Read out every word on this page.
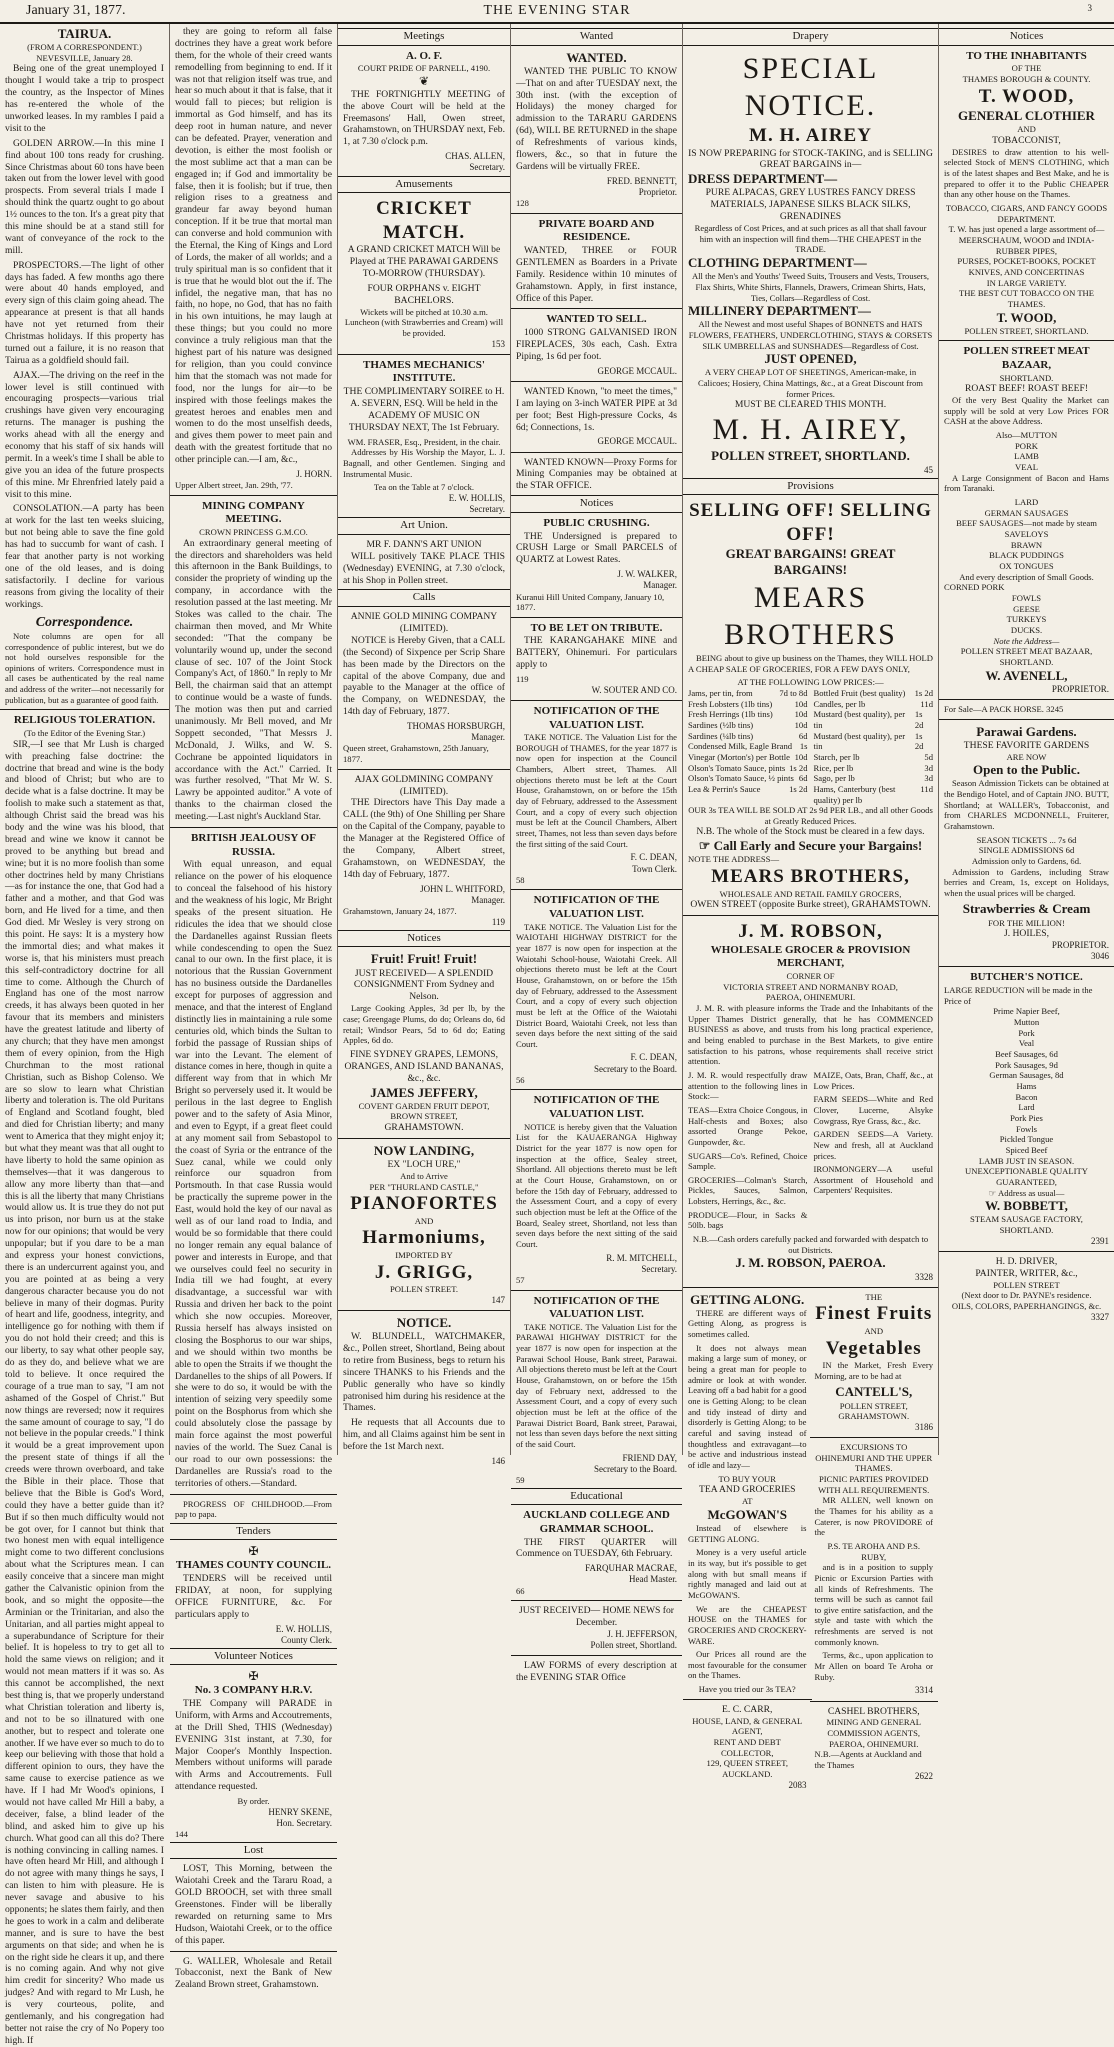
January 31, 1877.	THE EVENING STAR	3
TAIRUA.
(FROM A CORRESPONDENT.)
NEVESVILLE, January 28.

Being one of the great unemployed I thought I would take a trip to prospect the country, as the Inspector of Mines has re-entered the whole of the unworked leases. In my rambles I paid a visit to the

GOLDEN ARROW.—In this mine I find about 100 tons ready for crushing. Since Christmas about 60 tons have been taken out from the lower level with good prospects. From several trials I made I should think the quartz ought to go about 1½ ounces to the ton. It's a great pity that this mine should be at a stand still for want of conveyance of the rock to the mill.

PROSPECTORS.—The light of other days has faded. A few months ago there were about 40 hands employed, and every sign of this claim going ahead. The appearance at present is that all hands have not yet returned from their Christmas holidays. If this property has turned out a failure, it is no reason that Tairua as a goldfield should fail.

AJAX.—The driving on the reef in the lower level is still continued with encouraging prospects—various trial crushings have given very encouraging returns. The manager is pushing the works ahead with all the energy and economy that his staff of six hands will permit. In a week's time I shall be able to give you an idea of the future prospects of this mine. Mr Ehrenfried lately paid a visit to this mine.

CONSOLATION.—A party has been at work for the last ten weeks sluicing, but not being able to save the fine gold has had to succumb for want of cash. I fear that another party is not working one of the old leases, and is doing satisfactorily. I decline for various reasons from giving the locality of their workings.

Correspondence.

Note columns are open for all correspondence of public interest, but we do not hold ourselves responsible for the opinions of writers. Correspondence must in all cases be authenticated by the real name and address of the writer—not necessarily for publication, but as a guarantee of good faith.

RELIGIOUS TOLERATION.
(To the Editor of the Evening Star.)

SIR,—I see that Mr Lush is charged with preaching false doctrine: the doctrine that bread and wine is the body and blood of Christ; but who are to decide what is a false doctrine. It may be foolish to make such a statement as that, although Christ said the bread was his body and the wine was his blood, that bread and wine we know it cannot be proved to be anything but bread and wine; but it is no more foolish than some other doctrines held by many Christians—as for instance the one, that God had a father and a mother, and that God was born, and He lived for a time, and then God died. Mr Wesley is very strong on this point. He says: It is a mystery how the immortal dies; and what makes it worse is, that his ministers must preach this self-contradictory doctrine for all time to come. Although the Church of England has one of the most narrow creeds, it has always been quoted in her favour that its members and ministers have the greatest latitude and liberty of any church; that they have men amongst them of every opinion, from the High Churchman to the most rational Christian, such as Bishop Colenso. We are so slow to learn what Christian liberty and toleration is. The old Puritans of England and Scotland fought, bled and died for Christian liberty; and many went to America that they might enjoy it; but what they meant was that all ought to have liberty to hold the same opinion as themselves—that it was dangerous to allow any more liberty than that—and this is all the liberty that many Christians would allow us. It is true they do not put us into prison, nor burn us at the stake now for our opinions; that would be very unpopular; but if you dare to be a man and express your honest convictions, there is an undercurrent against you, and you are pointed at as being a very dangerous character because you do not believe in many of their dogmas. Purity of heart and life, goodness, integrity, and intelligence go for nothing with them if you do not hold their creed; and this is our liberty, to say what other people say, do as they do, and believe what we are told to believe. It once required the courage of a true man to say, "I am not ashamed of the Gospel of Christ." But now things are reversed; now it requires the same amount of courage to say, "I do not believe in the popular creeds." I think it would be a great improvement upon the present state of things if all the creeds were thrown overboard, and take the Bible in their place. Those that believe that the Bible is God's Word, could they have a better guide than it? But if so then much difficulty would not be got over, for I cannot but think that two honest men with equal intelligence might come to two different conclusions about what the Scriptures mean. I can easily conceive that a sincere man might gather the Calvanistic opinion from the book, and so might the opposite—the Arminian or the Trinitarian, and also the Unitarian, and all parties might appeal to a superabundance of Scripture for their belief. It is hopeless to try to get all to hold the same views on religion; and it would not mean matters if it was so. As this cannot be accomplished, the next best thing is, that we properly understand what Christian toleration and liberty is, and not to be so illnatured with one another, but to respect and tolerate one another. If we have ever so much to do to keep our believing with those that hold a different opinion to ours, they have the same cause to exercise patience as we have. If I had Mr Wood's opinions, I would not have called Mr Hill a baby, a deceiver, false, a blind leader of the blind, and asked him to give up his church. What good can all this do? There is nothing convincing in calling names. I have often heard Mr Hill, and although I do not agree with many things he says, I can listen to him with pleasure. He is never savage and abusive to his opponents; he slates them fairly, and then he goes to work in a calm and deliberate manner, and is sure to have the best arguments on that side; and when he is on the right side he clears it up, and there is no coming again. And why not give him credit for sincerity? Who made us judges? And with regard to Mr Lush, he is very courteous, polite, and gentlemanly, and his congregation had better not raise the cry of No Popery too high. If

they are going to reform all false doctrines they have a great work before them, for the whole of their creed wants remodelling from beginning to end. If it was not that religion itself was true, and hear so much about it that is false, that it would fall to pieces; but religion is immortal as God himself, and has its deep root in human nature, and never can be defeated. Prayer, veneration and devotion, is either the most foolish or the most sublime act that a man can be engaged in; if God and immortality be false, then it is foolish; but if true, then religion rises to a greatness and grandeur far away beyond human conception. If it be true that mortal man can converse and hold communion with the Eternal, the King of Kings and Lord of Lords, the maker of all worlds; and a truly spiritual man is so confident that it is true that he would blot out the if. The infidel, the negative man, that has no faith, no hope, no God, that has no faith in his own intuitions, he may laugh at these things; but you could no more convince a truly religious man that the highest part of his nature was designed for religion, than you could convince him that the stomach was not made for food, nor the lungs for air—to be inspired with those feelings makes the greatest heroes and enables men and women to do the most unselfish deeds, and gives them power to meet pain and death with the greatest fortitude that no other principle can.—I am, &c.,

J. HORN.
Upper Albert street, Jan. 29th, '77.
MINING COMPANY MEETING.
CROWN PRINCESS G.M.CO.

An extraordinary general meeting of the directors and shareholders was held this afternoon in the Bank Buildings, to consider the propriety of winding up the company, in accordance with the resolution passed at the last meeting. Mr Stokes was called to the chair. The chairman then moved, and Mr White seconded: "That the company be voluntarily wound up, under the second clause of sec. 107 of the Joint Stock Company's Act, of 1860." In reply to Mr Bell, the chairman said that an attempt to continue would be a waste of funds. The motion was then put and carried unanimously. Mr Bell moved, and Mr Soppett seconded, "That Messrs J. McDonald, J. Wilks, and W. S. Cochrane be appointed liquidators in accordance with the Act." Carried. It was further resolved, "That Mr W. S. Lawry be appointed auditor." A vote of thanks to the chairman closed the meeting.—Last night's Auckland Star.

BRITISH JEALOUSY OF RUSSIA.

With equal unreason, and equal reliance on the power of his eloquence to conceal the falsehood of his history and the weakness of his logic, Mr Bright speaks of the present situation. He ridicules the idea that we should close the Dardanelles against Russian fleets while condescending to open the Suez canal to our own. In the first place, it is notorious that the Russian Government has no business outside the Dardanelles except for purposes of aggression and menace, and that the interest of England distinctly lies in maintaining a rule some centuries old, which binds the Sultan to forbid the passage of Russian ships of war into the Levant. The element of distance comes in here, though in quite a different way from that in which Mr Bright so perversely used it. It would be perilous in the last degree to English power and to the safety of Asia Minor, and even to Egypt, if a great fleet could at any moment sail from Sebastopol to the coast of Syria or the entrance of the Suez canal, while we could only reinforce our squadron from Portsmouth. In that case Russia would be practically the supreme power in the East, would hold the key of our naval as well as of our land road to India, and would be so formidable that there could no longer remain any equal balance of power and interests in Europe, and that we ourselves could feel no security in India till we had fought, at every disadvantage, a successful war with Russia and driven her back to the point which she now occupies. Moreover, Russia herself has always insisted on closing the Bosphorus to our war ships, and we should within two months be able to open the Straits if we thought the Dardanelles to the ships of all Powers. If she were to do so, it would be with the intention of seizing very speedily some point on the Bosphorus from which she could absolutely close the passage by main force against the most powerful navies of the world. The Suez Canal is our road to our own possessions: the Dardanelles are Russia's road to the territories of others.—Standard.

PROGRESS OF CHILDHOOD.—From pap to papa.

Tenders
✠
THAMES COUNTY COUNCIL.

TENDERS will be received until FRIDAY, at noon, for supplying OFFICE FURNITURE, &c. For particulars apply to

E. W. HOLLIS,
County Clerk.
Volunteer Notices
✠
No. 3 COMPANY H.R.V.

THE Company will PARADE in Uniform, with Arms and Accoutrements, at the Drill Shed, THIS (Wednesday) EVENING 31st instant, at 7.30, for Major Cooper's Monthly Inspection. Members without uniforms will parade with Arms and Accoutrements. Full attendance requested.

By order.
HENRY SKENE,
Hon. Secretary.
144
Lost

LOST, This Morning, between the Waiotahi Creek and the Tararu Road, a GOLD BROOCH, set with three small Greenstones. Finder will be liberally rewarded on returning same to Mrs Hudson, Waiotahi Creek, or to the office of this paper.

G. WALLER, Wholesale and Retail Tobacconist, next the Bank of New Zealand Brown street, Grahamstown.

Meetings
A. O. F.
COURT PRIDE OF PARNELL, 4190.
❦

THE FORTNIGHTLY MEETING of the above Court will be held at the Freemasons' Hall, Owen street, Grahamstown, on THURSDAY next, Feb. 1, at 7.30 o'clock p.m.

CHAS. ALLEN,
Secretary.
Amusements
CRICKET MATCH.

A GRAND CRICKET MATCH Will be Played at THE PARAWAI GARDENS TO-MORROW (THURSDAY).

FOUR ORPHANS v. EIGHT BACHELORS.
Wickets will be pitched at 10.30 a.m.
Luncheon (with Strawberries and Cream) will be provided.
153
THAMES MECHANICS' INSTITUTE.

THE COMPLIMENTARY SOIREE to H. A. SEVERN, ESQ. Will be held in the ACADEMY OF MUSIC ON THURSDAY NEXT, The 1st February.

WM. FRASER, Esq., President, in the chair.

Addresses by His Worship the Mayor, L. J. Bagnall, and other Gentlemen. Singing and Instrumental Music.

Tea on the Table at 7 o'clock.
E. W. HOLLIS,
Secretary.
Art Union.
MR F. DANN'S ART UNION

WILL positively TAKE PLACE THIS (Wednesday) EVENING, at 7.30 o'clock, at his Shop in Pollen street.

Calls
ANNIE GOLD MINING COMPANY (LIMITED).

NOTICE is Hereby Given, that a CALL (the Second) of Sixpence per Scrip Share has been made by the Directors on the capital of the above Company, due and payable to the Manager at the office of the Company, on WEDNESDAY, the 14th day of February, 1877.

THOMAS HORSBURGH,
Manager.
Queen street, Grahamstown, 25th January, 1877.
AJAX GOLDMINING COMPANY (LIMITED).

THE Directors have This Day made a CALL (the 9th) of One Shilling per Share on the Capital of the Company, payable to the Manager at the Registered Office of the Company, Albert street, Grahamstown, on WEDNESDAY, the 14th day of February, 1877.

JOHN L. WHITFORD,
Manager.
Grahamstown, January 24, 1877.
119
Notices
Fruit! Fruit! Fruit!
JUST RECEIVED— A SPLENDID CONSIGNMENT From Sydney and Nelson.

Large Cooking Apples, 3d per lb, by the case; Greengage Plums, do do; Orleans do, 6d retail; Windsor Pears, 5d to 6d do; Eating Apples, 6d do.

FINE SYDNEY GRAPES, LEMONS, ORANGES, AND ISLAND BANANAS, &c., &c.
JAMES JEFFERY,
COVENT GARDEN FRUIT DEPOT,
BROWN STREET,
GRAHAMSTOWN.
NOW LANDING,
EX "LOCH URE,"
And to Arrive
PER "THURLAND CASTLE,"
PIANOFORTES
AND
Harmoniums,
IMPORTED BY
J. GRIGG,
POLLEN STREET.
147
NOTICE.

W. BLUNDELL, WATCHMAKER, &c., Pollen street, Shortland, Being about to retire from Business, begs to return his sincere THANKS to his Friends and the Public generally who have so kindly patronised him during his residence at the Thames.

He requests that all Accounts due to him, and all Claims against him be sent in before the 1st March next.

146
Wanted
WANTED.

WANTED THE PUBLIC TO KNOW—That on and after TUESDAY next, the 30th inst. (with the exception of Holidays) the money charged for admission to the TARARU GARDENS (6d), WILL BE RETURNED in the shape of Refreshments of various kinds, flowers, &c., so that in future the Gardens will be virtually FREE.

FRED. BENNETT,
Proprietor.
128
PRIVATE BOARD AND RESIDENCE.

WANTED, THREE or FOUR GENTLEMEN as Boarders in a Private Family. Residence within 10 minutes of Grahamstown. Apply, in first instance, Office of this Paper.

WANTED TO SELL.

1000 STRONG GALVANISED IRON FIREPLACES, 30s each, Cash. Extra Piping, 1s 6d per foot.

GEORGE MCCAUL.

WANTED Known, "to meet the times," I am laying on 3-inch WATER PIPE at 3d per foot; Best High-pressure Cocks, 4s 6d; Connections, 1s.

GEORGE MCCAUL.

WANTED KNOWN—Proxy Forms for Mining Companies may be obtained at the STAR OFFICE.

Notices
PUBLIC CRUSHING.

THE Undersigned is prepared to CRUSH Large or Small PARCELS of QUARTZ at Lowest Rates.

J. W. WALKER,
Manager.
Kuranui Hill United Company, January 10, 1877.
TO BE LET ON TRIBUTE.

THE KARANGAHAKE MINE and BATTERY, Ohinemuri. For particulars apply to

119
W. SOUTER AND CO.
NOTIFICATION OF THE VALUATION LIST.

TAKE NOTICE. The Valuation List for the BOROUGH of THAMES, for the year 1877 is now open for inspection at the Council Chambers, Albert street, Thames. All objections thereto must be left at the Court House, Grahamstown, on or before the 15th day of February, addressed to the Assessment Court, and a copy of every such objection must be left at the Council Chambers, Albert street, Thames, not less than seven days before the first sitting of the said Court.

F. C. DEAN,
Town Clerk.
58
NOTIFICATION OF THE VALUATION LIST.

TAKE NOTICE. The Valuation List for the WAIOTAHI HIGHWAY DISTRICT for the year 1877 is now open for inspection at the Waiotahi School-house, Waiotahi Creek. All objections thereto must be left at the Court House, Grahamstown, on or before the 15th day of February, addressed to the Assessment Court, and a copy of every such objection must be left at the Office of the Waiotahi District Board, Waiotahi Creek, not less than seven days before the next sitting of the said Court.

F. C. DEAN,
Secretary to the Board.
56
NOTIFICATION OF THE VALUATION LIST.

NOTICE is hereby given that the Valuation List for the KAUAERANGA Highway District for the year 1877 is now open for inspection at the office, Sealey street, Shortland. All objections thereto must be left at the Court House, Grahamstown, on or before the 15th day of February, addressed to the Assessment Court, and a copy of every such objection must be left at the Office of the Board, Sealey street, Shortland, not less than seven days before the next sitting of the said Court.

R. M. MITCHELL,
Secretary.
57
NOTIFICATION OF THE VALUATION LIST.

TAKE NOTICE. The Valuation List for the PARAWAI HIGHWAY DISTRICT for the year 1877 is now open for inspection at the Parawai School House, Bank street, Parawai. All objections thereto must be left at the Court House, Grahamstown, on or before the 15th day of February next, addressed to the Assessment Court, and a copy of every such objection must be left at the office of the Parawai District Board, Bank street, Parawai, not less than seven days before the next sitting of the said Court.

FRIEND DAY,
Secretary to the Board.
59
Educational
AUCKLAND COLLEGE AND GRAMMAR SCHOOL.

THE FIRST QUARTER will Commence on TUESDAY, 6th February.

FARQUHAR MACRAE,
Head Master.
66
JUST RECEIVED— HOME NEWS for December.
J. H. JEFFERSON,
Pollen street, Shortland.

LAW FORMS of every description at the EVENING STAR Office

Drapery
SPECIAL NOTICE.
M. H. AIREY
IS NOW PREPARING for STOCK-TAKING, and is SELLING GREAT BARGAINS in—
DRESS DEPARTMENT—
PURE ALPACAS, GREY LUSTRES FANCY DRESS MATERIALS, JAPANESE SILKS BLACK SILKS, GRENADINES
Regardless of Cost Prices, and at such prices as all that shall favour him with an inspection will find them—THE CHEAPEST in the TRADE.
CLOTHING DEPARTMENT—
All the Men's and Youths' Tweed Suits, Trousers and Vests, Trousers, Flax Shirts, White Shirts, Flannels, Drawers, Crimean Shirts, Hats, Ties, Collars—Regardless of Cost.
MILLINERY DEPARTMENT—
All the Newest and most useful Shapes of BONNETS and HATS FLOWERS, FEATHERS, UNDERCLOTHING, STAYS & CORSETS SILK UMBRELLAS and SUNSHADES—Regardless of Cost.
JUST OPENED,
A VERY CHEAP LOT OF SHEETINGS, American-make, in Calicoes; Hosiery, China Mattings, &c., at a Great Discount from former Prices.
MUST BE CLEARED THIS MONTH.
M. H. AIREY,
POLLEN STREET, SHORTLAND.
45
Provisions
SELLING OFF! SELLING OFF!
GREAT BARGAINS! GREAT BARGAINS!
MEARS BROTHERS

BEING about to give up business on the Thames, they WILL HOLD A CHEAP SALE OF GROCERIES, FOR A FEW DAYS ONLY,

AT THE FOLLOWING LOW PRICES:—
Jams, per tin, from	7d to 8d
Fresh Lobsters (1lb tins)	10d
Fresh Herrings (1lb tins)	10d
Sardines (½lb tins)	10d
Sardines (¼lb tins)	6d
Condensed Milk, Eagle Brand 1s
Vinegar (Morton's) per Bottle 10d
Olson's Tomato Sauce, pints 1s 2d
Olson's Tomato Sauce, ½ pints 6d
Lea & Perrin's Sauce	1s 2d
Bottled Fruit (best quality) 1s 2d
Candles, per lb	11d
Mustard (best quality), per tin
1s 2d
Mustard (best quality), per tin
1s 2d
Starch, per lb	5d
Rice, per lb	3d
Sago, per lb	3d
Hams, Canterbury (best quality) per lb
11d
OUR 3s TEA WILL BE SOLD AT 2s 9d PER LB., and all other Goods at Greatly Reduced Prices.
N.B. The whole of the Stock must be cleared in a few days.
☞ Call Early and Secure your Bargains!
NOTE THE ADDRESS—
MEARS BROTHERS,
WHOLESALE AND RETAIL FAMILY GROCERS,
OWEN STREET (opposite Burke street), GRAHAMSTOWN.
J. M. ROBSON,
WHOLESALE GROCER & PROVISION MERCHANT,
CORNER OF
VICTORIA STREET AND NORMANBY ROAD,
PAEROA, OHINEMURI.

J. M. R. with pleasure informs the Trade and the Inhabitants of the Upper Thames District generally, that he has COMMENCED BUSINESS as above, and trusts from his long practical experience, and being enabled to purchase in the Best Markets, to give entire satisfaction to his patrons, whose requirements shall receive strict attention.

J. M. R. would respectfully draw attention to the following lines in Stock:—

TEAS—Extra Choice Congous, in Half-chests and Boxes; also assorted Orange Pekoe, Gunpowder, &c.

SUGARS—Co's. Refined, Choice Sample.

GROCERIES—Colman's Starch, Pickles, Sauces, Salmon, Lobsters, Herrings, &c., &c.

PRODUCE—Flour, in Sacks & 50lb. bags

MAIZE, Oats, Bran, Chaff, &c., at Low Prices.

FARM SEEDS—White and Red Clover, Lucerne, Alsyke Cowgrass, Rye Grass, &c., &c.

GARDEN SEEDS—A Variety. New and fresh, all at Auckland prices.

IRONMONGERY—A useful Assortment of Household and Carpenters' Requisites.

N.B.—Cash orders carefully packed and forwarded with despatch to out Districts.
J. M. ROBSON, PAEROA.
3328
GETTING ALONG.

THERE are different ways of Getting Along, as progress is sometimes called.

It does not always mean making a large sum of money, or being a great man for people to admire or look at with wonder. Leaving off a bad habit for a good one is Getting Along; to be clean and tidy instead of dirty and disorderly is Getting Along; to be careful and saving instead of thoughtless and extravagant—to be active and industrious instead of idle and lazy—

TO BUY YOUR
TEA AND GROCERIES
AT
McGOWAN'S

Instead of elsewhere is GETTING ALONG.

Money is a very useful article in its way, but it's possible to get along with but small means if rightly managed and laid out at McGOWAN'S.

We are the CHEAPEST HOUSE on the THAMES for GROCERIES AND CROCKERY-WARE.

Our Prices all round are the most favourable for the consumer on the Thames.

Have you tried our 3s TEA?
E. C. CARR,
HOUSE, LAND, & GENERAL AGENT,
RENT AND DEBT COLLECTOR,
129, QUEEN STREET, AUCKLAND.
2083
THE
Finest Fruits
AND
Vegetables

IN the Market, Fresh Every Morning, are to be had at

CANTELL'S,
POLLEN STREET, GRAHAMSTOWN.
3186
EXCURSIONS TO OHINEMURI AND THE UPPER THAMES.
PICNIC PARTIES PROVIDED WITH ALL REQUIREMENTS.

MR ALLEN, well known on the Thames for his ability as a Caterer, is now PROVIDORE of the

P.S. TE AROHA AND P.S. RUBY,

and is in a position to supply Picnic or Excursion Parties with all kinds of Refreshments. The terms will be such as cannot fail to give entire satisfaction, and the style and taste with which the refreshments are served is not commonly known.

Terms, &c., upon application to Mr Allen on board Te Aroha or Ruby.

3314
CASHEL BROTHERS,
MINING AND GENERAL COMMISSION AGENTS,
PAEROA, OHINEMURI.
N.B.—Agents at Auckland and the Thames
2622
Notices
TO THE INHABITANTS
OF THE
THAMES BOROUGH & COUNTY.
T. WOOD,
GENERAL CLOTHIER
AND
TOBACCONIST,

DESIRES to draw attention to his well-selected Stock of MEN'S CLOTHING, which is of the latest shapes and Best Make, and he is prepared to offer it to the Public CHEAPER than any other house on the Thames.

TOBACCO, CIGARS, AND FANCY GOODS DEPARTMENT.
T. W. has just opened a large assortment of—
MEERSCHAUM, WOOD and INDIA-RUBBER PIPES,
PURSES, POCKET-BOOKS, POCKET KNIVES, AND CONCERTINAS
IN LARGE VARIETY.
THE BEST CUT TOBACCO ON THE THAMES.
T. WOOD,
POLLEN STREET, SHORTLAND.
POLLEN STREET MEAT BAZAAR,
SHORTLAND.
ROAST BEEF! ROAST BEEF!

Of the very Best Quality the Market can supply will be sold at very Low Prices FOR CASH at the above Address.

Also—MUTTON
PORK
LAMB
VEAL

A Large Consignment of Bacon and Hams from Taranaki.

LARD
GERMAN SAUSAGES
BEEF SAUSAGES—not made by steam
SAVELOYS
BRAWN
BLACK PUDDINGS
OX TONGUES
And every description of Small Goods.
CORNED PORK
FOWLS
GEESE
TURKEYS
DUCKS.
Note the Address—
POLLEN STREET MEAT BAZAAR,
SHORTLAND.
W. AVENELL,
PROPRIETOR.
For Sale—A PACK HORSE. 3245
Parawai Gardens.
THESE FAVORITE GARDENS
ARE NOW
Open to the Public.

Season Admission Tickets can be obtained at the Bendigo Hotel, and of Captain JNO. BUTT, Shortland; at WALLER's, Tobacconist, and from CHARLES MCDONNELL, Fruiterer, Grahamstown.

SEASON TICKETS ... 7s 6d
SINGLE ADMISSIONS 6d
Admission only to Gardens, 6d.

Admission to Gardens, including Straw berries and Cream, 1s, except on Holidays, when the usual prices will be charged.

Strawberries & Cream
FOR THE MILLION!
J. HOILES,
PROPRIETOR.
3046
BUTCHER'S NOTICE.
LARGE REDUCTION will be made in the Price of
Prime Napier Beef,
Mutton
Pork
Veal
Beef Sausages, 6d
Pork Sausages, 9d
German Sausages, 8d
Hams
Bacon
Lard
Pork Pies
Fowls
Pickled Tongue
Spiced Beef
LAMB JUST IN SEASON.
UNEXCEPTIONABLE QUALITY GUARANTEED,
☞ Address as usual—
W. BOBBETT,
STEAM SAUSAGE FACTORY,
SHORTLAND.
2391
H. D. DRIVER,
PAINTER, WRITER, &c.,
POLLEN STREET
(Next door to Dr. PAYNE's residence.
OILS, COLORS, PAPERHANGINGS, &c.
3327
